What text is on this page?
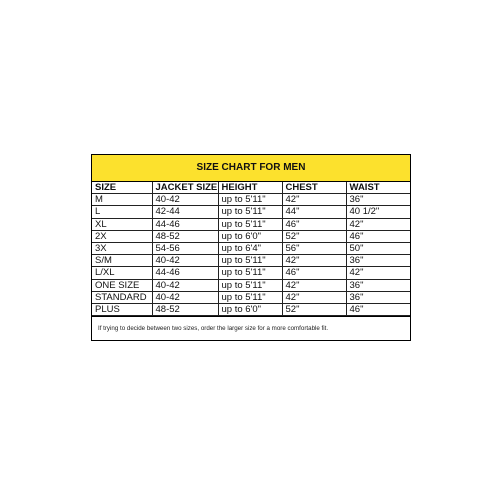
SIZE CHART FOR MEN
SIZE	JACKET SIZE	HEIGHT	CHEST	WAIST
M	40-42	up to 5'11"	42"	36"
L	42-44	up to 5'11"	44"	40 1/2"
XL	44-46	up to 5'11"	46"	42"
2X	48-52	up to 6'0"	52"	46"
3X	54-56	up to 6'4"	56"	50"
S/M	40-42	up to 5'11"	42"	36"
L/XL	44-46	up to 5'11"	46"	42"
ONE SIZE	40-42	up to 5'11"	42"	36"
STANDARD	40-42	up to 5'11"	42"	36"
PLUS	48-52	up to 6'0"	52"	46"
If trying to decide between two sizes, order the larger size for a more comfortable fit.
